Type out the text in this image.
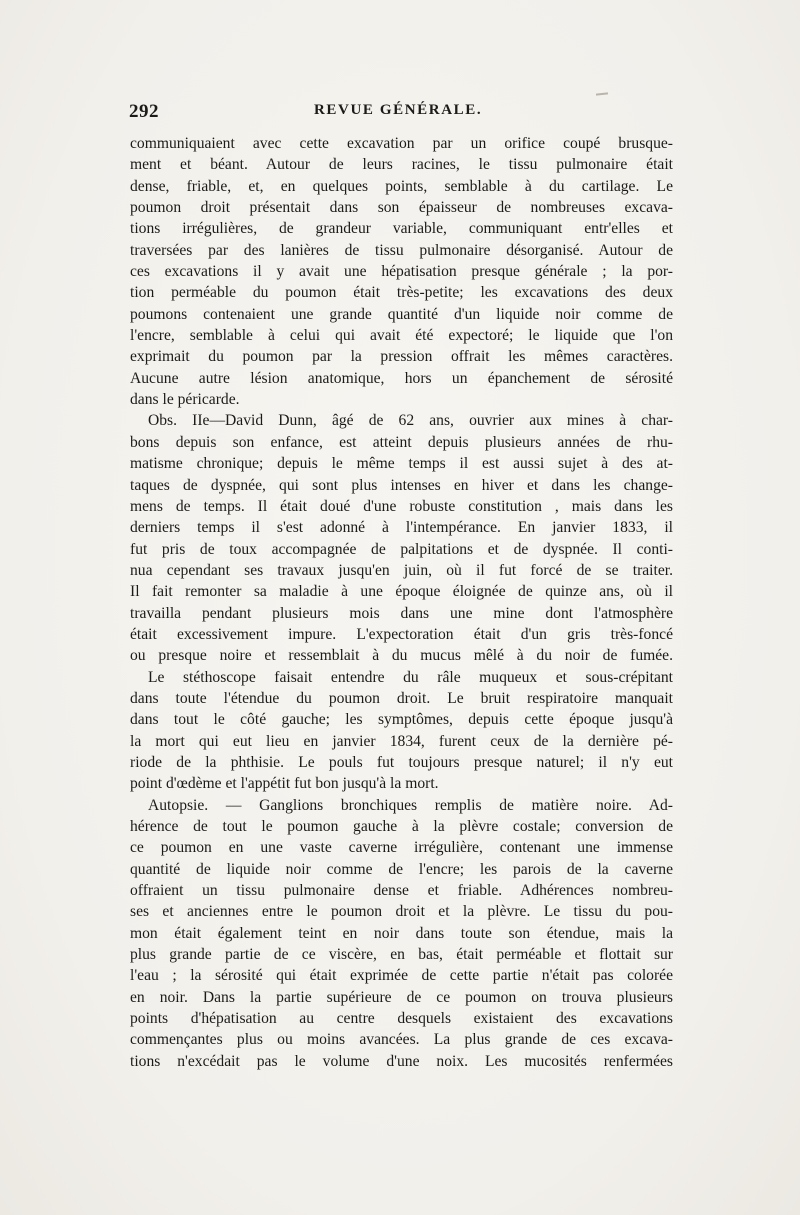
292	REVUE GÉNÉRALE.
communiquaient avec cette excavation par un orifice coupé brusque-
ment et béant. Autour de leurs racines, le tissu pulmonaire était
dense, friable, et, en quelques points, semblable à du cartilage. Le
poumon droit présentait dans son épaisseur de nombreuses excava-
tions irrégulières, de grandeur variable, communiquant entr'elles et
traversées par des lanières de tissu pulmonaire désorganisé. Autour de
ces excavations il y avait une hépatisation presque générale ; la por-
tion perméable du poumon était très-petite; les excavations des deux
poumons contenaient une grande quantité d'un liquide noir comme de
l'encre, semblable à celui qui avait été expectoré; le liquide que l'on
exprimait du poumon par la pression offrait les mêmes caractères.
Aucune autre lésion anatomique, hors un épanchement de sérosité
dans le péricarde.
Obs. IIe—David Dunn, âgé de 62 ans, ouvrier aux mines à char-
bons depuis son enfance, est atteint depuis plusieurs années de rhu-
matisme chronique; depuis le même temps il est aussi sujet à des at-
taques de dyspnée, qui sont plus intenses en hiver et dans les change-
mens de temps. Il était doué d'une robuste constitution , mais dans les
derniers temps il s'est adonné à l'intempérance. En janvier 1833, il
fut pris de toux accompagnée de palpitations et de dyspnée. Il conti-
nua cependant ses travaux jusqu'en juin, où il fut forcé de se traiter.
Il fait remonter sa maladie à une époque éloignée de quinze ans, où il
travailla pendant plusieurs mois dans une mine dont l'atmosphère
était excessivement impure. L'expectoration était d'un gris très-foncé
ou presque noire et ressemblait à du mucus mêlé à du noir de fumée.
Le stéthoscope faisait entendre du râle muqueux et sous-crépitant
dans toute l'étendue du poumon droit. Le bruit respiratoire manquait
dans tout le côté gauche; les symptômes, depuis cette époque jusqu'à
la mort qui eut lieu en janvier 1834, furent ceux de la dernière pé-
riode de la phthisie. Le pouls fut toujours presque naturel; il n'y eut
point d'œdème et l'appétit fut bon jusqu'à la mort.
Autopsie. — Ganglions bronchiques remplis de matière noire. Ad-
hérence de tout le poumon gauche à la plèvre costale; conversion de
ce poumon en une vaste caverne irrégulière, contenant une immense
quantité de liquide noir comme de l'encre; les parois de la caverne
offraient un tissu pulmonaire dense et friable. Adhérences nombreu-
ses et anciennes entre le poumon droit et la plèvre. Le tissu du pou-
mon était également teint en noir dans toute son étendue, mais la
plus grande partie de ce viscère, en bas, était perméable et flottait sur
l'eau ; la sérosité qui était exprimée de cette partie n'était pas colorée
en noir. Dans la partie supérieure de ce poumon on trouva plusieurs
points d'hépatisation au centre desquels existaient des excavations
commençantes plus ou moins avancées. La plus grande de ces excava-
tions n'excédait pas le volume d'une noix. Les mucosités renfermées
